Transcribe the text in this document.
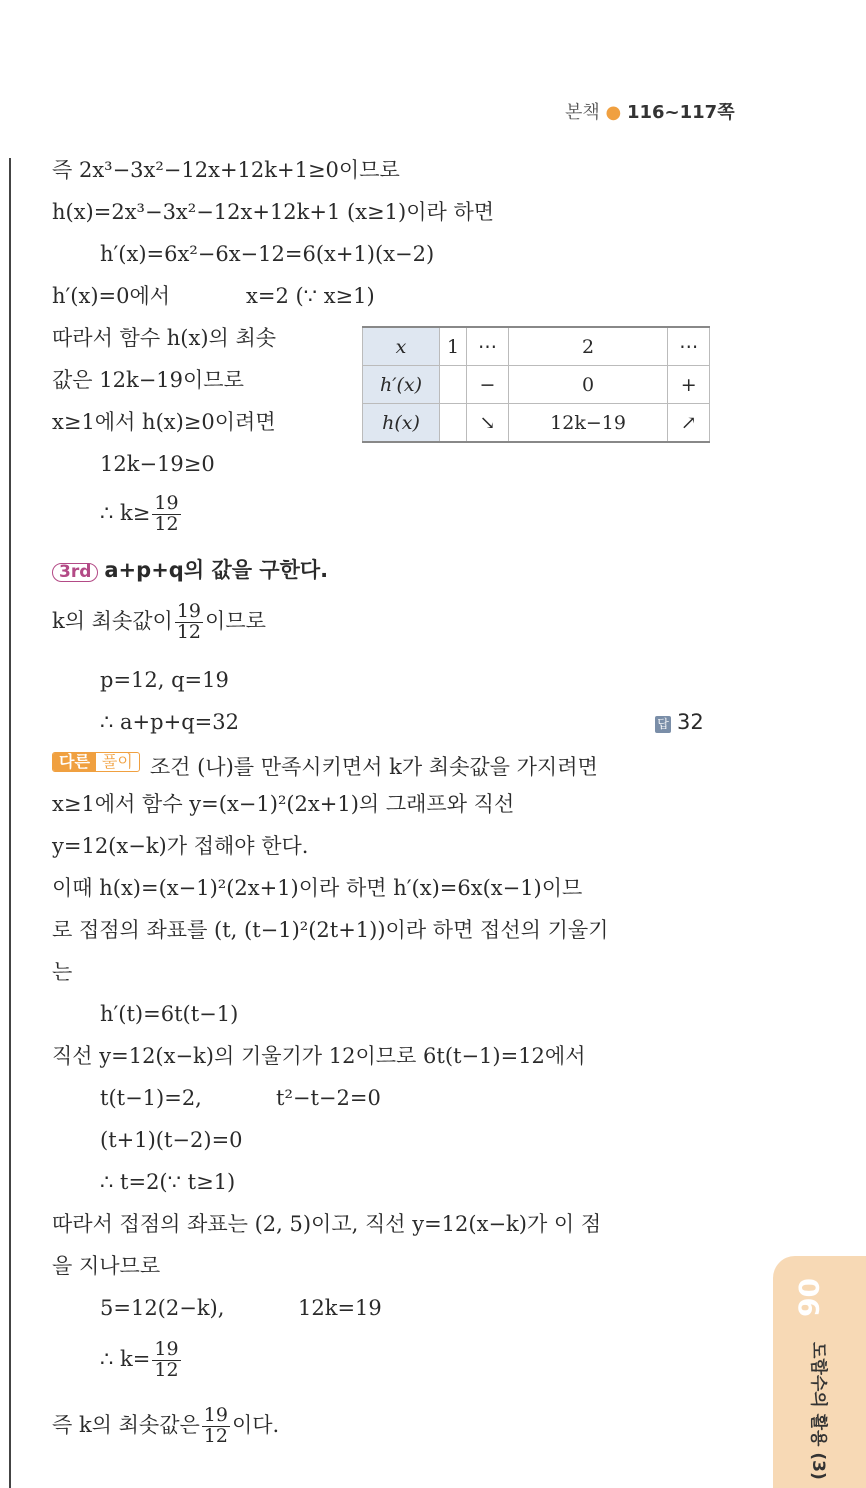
본책 ● 116~117쪽
즉 2x³−3x²−12x+12k+1≥0이므로
h(x)=2x³−3x²−12x+12k+1 (x≥1)이라 하면
h′(x)=6x²−6x−12=6(x+1)(x−2)
h′(x)=0에서	x=2 (∵ x≥1)
따라서 함수 h(x)의 최솟
값은 12k−19이므로
x≥1에서 h(x)≥0이려면
x	1	⋯	2	⋯
h′(x)		−	0	+
h(x)		↘	12k−19	↗
12k−19≥0
∴ $k\ge \frac{19}{12}$
3rd a+p+q의 값을 구한다.
k의 최솟값이 $\frac{19}{12}$ 이므로
p=12, q=19
∴ a+p+q=32	답 32
다른 풀이 조건 (나)를 만족시키면서 k가 최솟값을 가지려면
x≥1에서 함수 y=(x−1)²(2x+1)의 그래프와 직선
y=12(x−k)가 접해야 한다.
이때 h(x)=(x−1)²(2x+1)이라 하면 h′(x)=6x(x−1)이므
로 접점의 좌표를 (t, (t−1)²(2t+1))이라 하면 접선의 기울기
는
h′(t)=6t(t−1)
직선 y=12(x−k)의 기울기가 12이므로 6t(t−1)=12에서
t(t−1)=2,	t²−t−2=0
(t+1)(t−2)=0
∴ t=2(∵ t≥1)
따라서 접점의 좌표는 (2, 5)이고, 직선 y=12(x−k)가 이 점
을 지나므로
5=12(2−k),	12k=19
∴ $k= \frac{19}{12}$
즉 k의 최솟값은 $\frac{19}{12}$ 이다.
06
도함수의 활용 (3)
